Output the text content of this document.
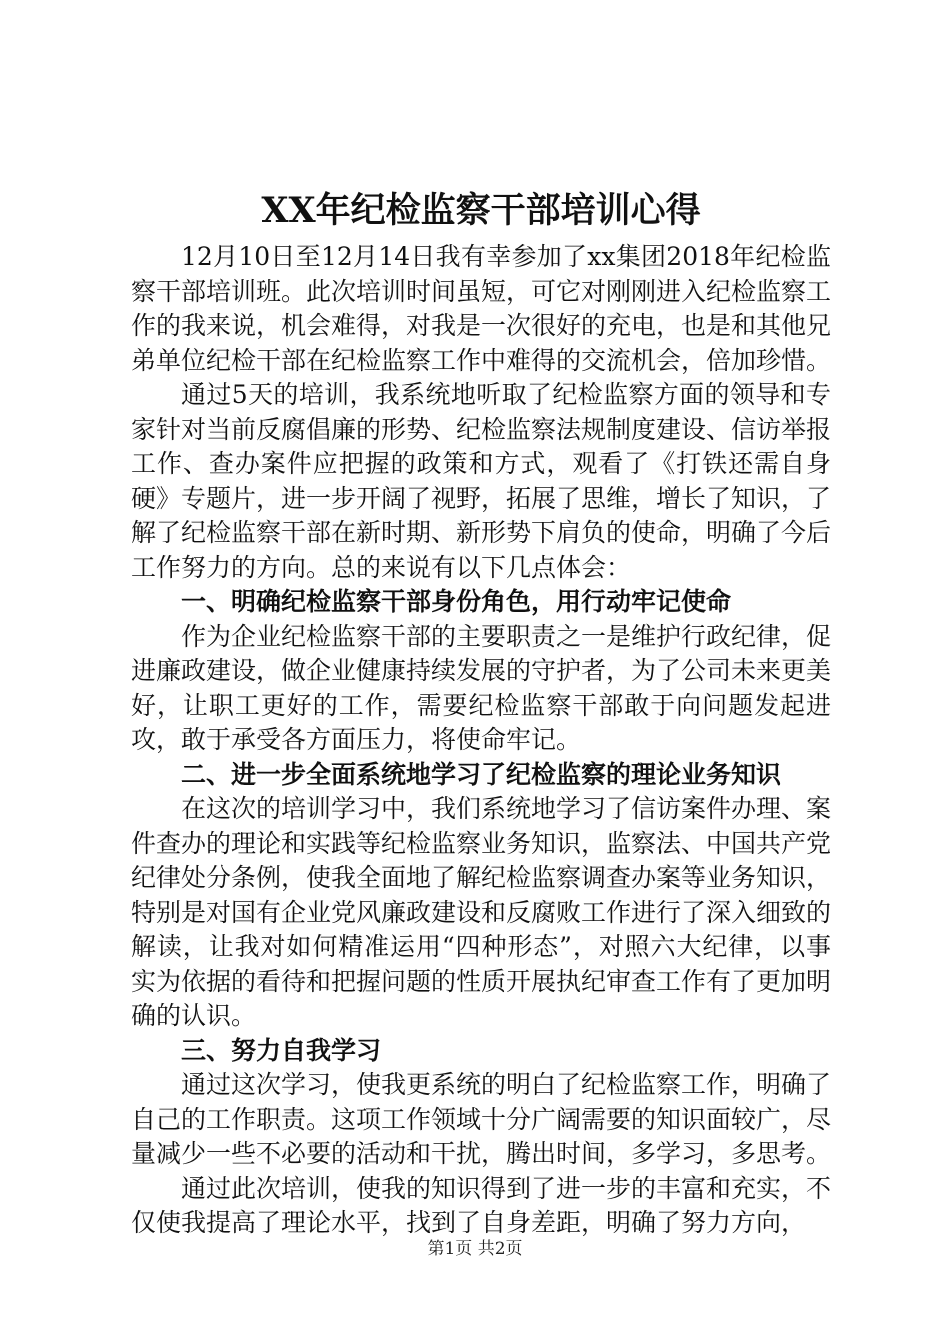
XX年纪检监察干部培训心得

12月10日至12月14日我有幸参加了xx集团2018年纪检监察干部培训班。此次培训时间虽短，可它对刚刚进入纪检监察工作的我来说，机会难得，对我是一次很好的充电，也是和其他兄弟单位纪检干部在纪检监察工作中难得的交流机会，倍加珍惜。

通过5天的培训，我系统地听取了纪检监察方面的领导和专家针对当前反腐倡廉的形势、纪检监察法规制度建设、信访举报工作、查办案件应把握的政策和方式，观看了《打铁还需自身硬》专题片，进一步开阔了视野，拓展了思维，增长了知识，了解了纪检监察干部在新时期、新形势下肩负的使命，明确了今后工作努力的方向。总的来说有以下几点体会：

一、明确纪检监察干部身份角色，用行动牢记使命

作为企业纪检监察干部的主要职责之一是维护行政纪律，促进廉政建设，做企业健康持续发展的守护者，为了公司未来更美好，让职工更好的工作，需要纪检监察干部敢于向问题发起进攻，敢于承受各方面压力，将使命牢记。

二、进一步全面系统地学习了纪检监察的理论业务知识

在这次的培训学习中，我们系统地学习了信访案件办理、案件查办的理论和实践等纪检监察业务知识，监察法、中国共产党纪律处分条例，使我全面地了解纪检监察调查办案等业务知识，特别是对国有企业党风廉政建设和反腐败工作进行了深入细致的解读，让我对如何精准运用“四种形态”，对照六大纪律，以事实为依据的看待和把握问题的性质开展执纪审查工作有了更加明确的认识。

三、努力自我学习

通过这次学习，使我更系统的明白了纪检监察工作，明确了自己的工作职责。这项工作领域十分广阔需要的知识面较广，尽量减少一些不必要的活动和干扰，腾出时间，多学习，多思考。

通过此次培训，使我的知识得到了进一步的丰富和充实，不仅使我提高了理论水平，找到了自身差距，明确了努力方向，

第1页 共2页
